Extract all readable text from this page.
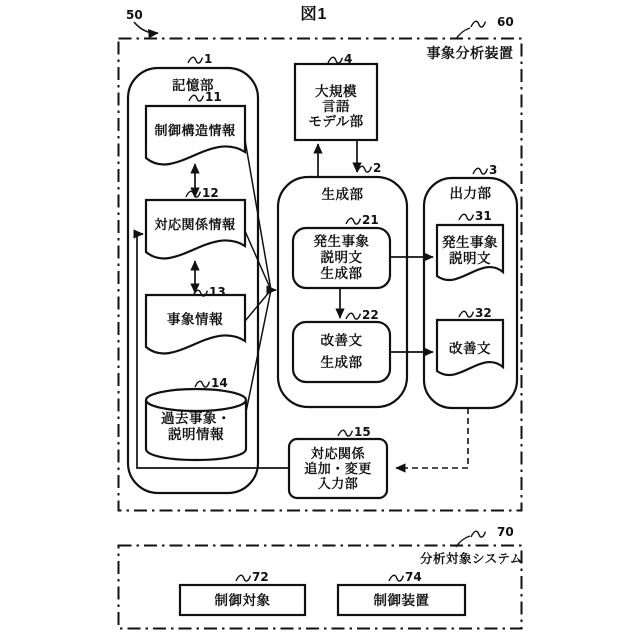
図1
50	60
70
事象分析装置
分析対象システム
記憶部
1
制御構造情報
11
対応関係情報
12
事象情報
13
過去事象・
説明情報
14
大規模
言語
モデル部
4
生成部
2
発生事象
説明文
生成部
21
改善文
生成部
22
出力部
3
発生事象
説明文
31
改善文
32
対応関係
追加・変更
入力部
15
制御対象
72
制御装置
74
